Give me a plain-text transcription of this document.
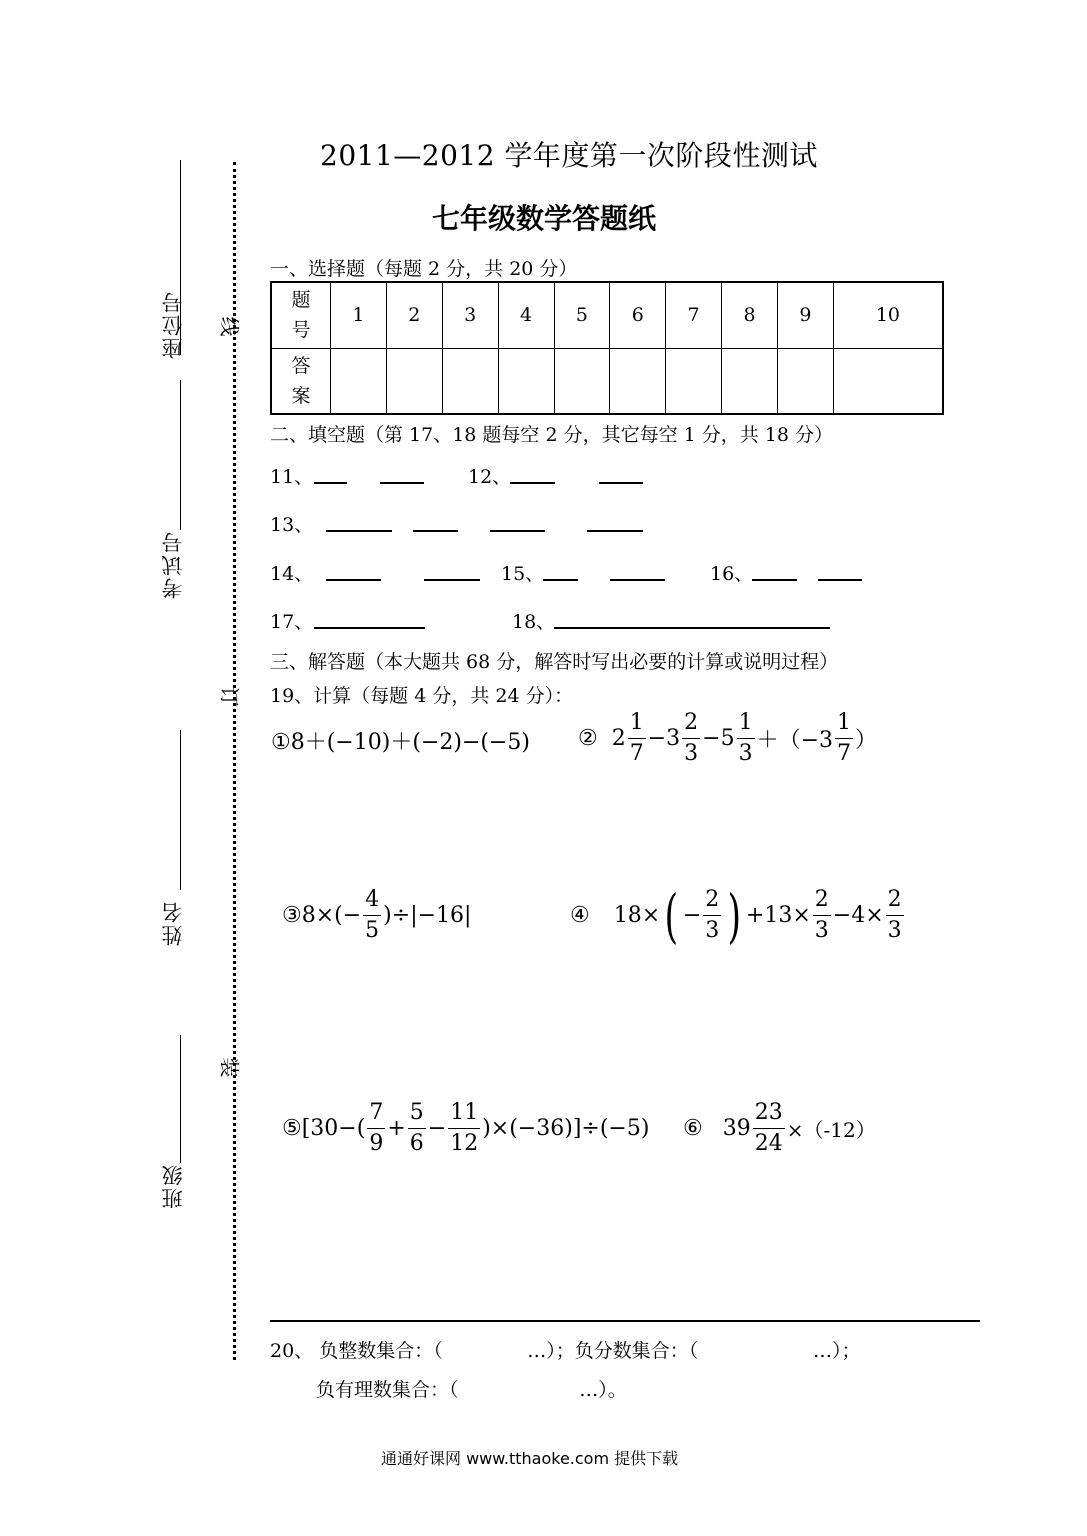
线
订
装
座位号
考试号
姓名
班级
2011—2012 学年度第一次阶段性测试
七年级数学答题纸
一、选择题（每题 2 分，共 20 分）
题
号	1	2	3	4	5	6	7	8	9	10
答
案										
二、填空题（第 17、18 题每空 2 分，其它每空 1 分，共 18 分）
11、	12、
13、
14、	15、	16、
17、	18、
三、解答题（本大题共 68 分，解答时写出必要的计算或说明过程）
19、计算（每题 4 分，共 24 分）：
①8＋(−10)＋(−2)−(−5) ② $2 \frac{1}{7} -3 \frac{2}{3} -5 \frac{1}{3} +(-3 \frac{1}{7}$ ）
③8×(− $\frac{4}{5} )\div|-16|$	④ 18× ( − $\frac{2}{3}$ ) $+13\times \frac{2}{3} -4\times \frac{2}{3}$
⑤[30−( $\frac{7}{9} + \frac{5}{6} - \frac{11}{12} )\times(-36)]\div(-5)$ ⑥ $39 \frac{23}{24} \times(-12)$
20、 负整数集合：（              …）；负分数集合：（                   …）；
负有理数集合：（                    …）。
通通好课网 www.tthaoke.com 提供下载
